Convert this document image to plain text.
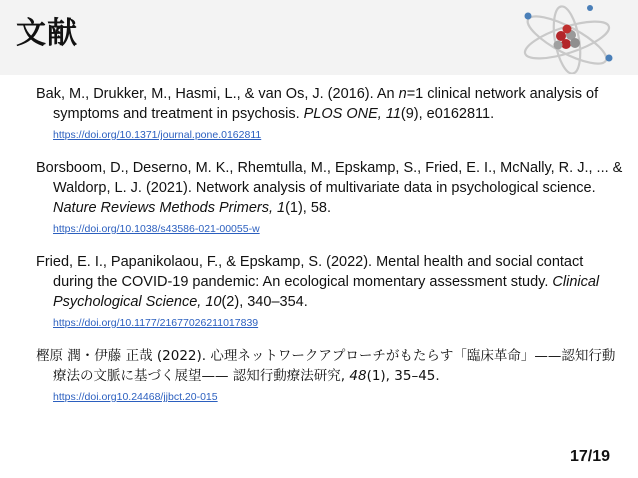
文献
Bak, M., Drukker, M., Hasmi, L., & van Os, J. (2016). An n=1 clinical network analysis of symptoms and treatment in psychosis. PLOS ONE, 11(9), e0162811.
https://doi.org/10.1371/journal.pone.0162811
Borsboom, D., Deserno, M. K., Rhemtulla, M., Epskamp, S., Fried, E. I., McNally, R. J., ... & Waldorp, L. J. (2021). Network analysis of multivariate data in psychological science. Nature Reviews Methods Primers, 1(1), 58.
https://doi.org/10.1038/s43586-021-00055-w
Fried, E. I., Papanikolaou, F., & Epskamp, S. (2022). Mental health and social contact during the COVID-19 pandemic: An ecological momentary assessment study. Clinical Psychological Science, 10(2), 340–354.
https://doi.org/10.1177/21677026211017839
樫原 潤・伊藤 正哉 (2022). 心理ネットワークアプローチがもたらす「臨床革命」——認知行動療法の文脈に基づく展望—— 認知行動療法研究, 48(1), 35–45.
https://doi.org10.24468/jjbct.20-015
17/19
